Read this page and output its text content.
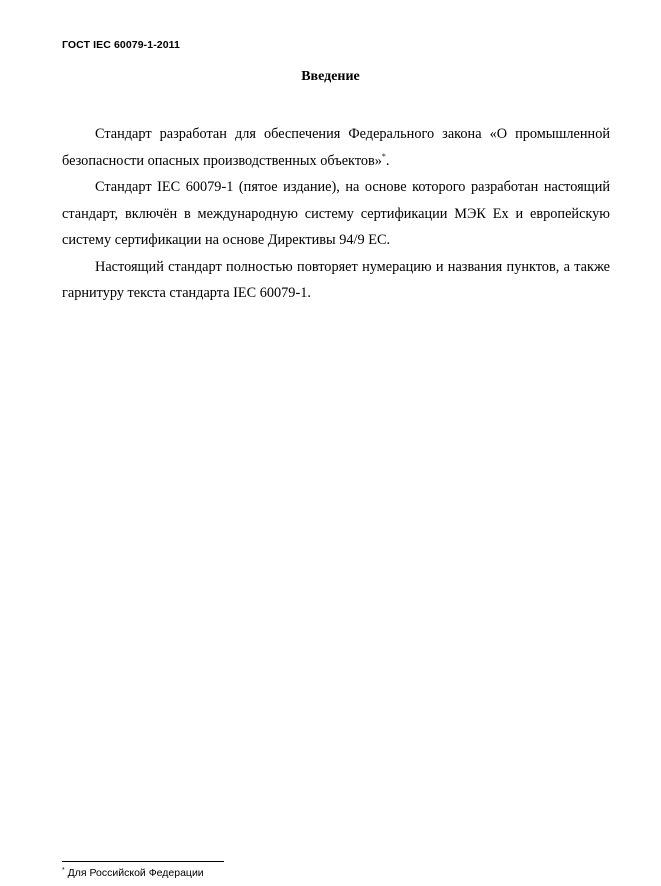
ГОСТ IEC 60079-1-2011
Введение

Стандарт разработан для обеспечения Федерального закона «О промышленной безопасности опасных производственных объектов»*.

Стандарт IEC 60079-1 (пятое издание), на основе которого разработан настоящий стандарт, включён в международную систему сертификации МЭК Ex и европейскую систему сертификации на основе Директивы 94/9 ЕС.

Настоящий стандарт полностью повторяет нумерацию и названия пунктов, а также гарнитуру текста стандарта IEC 60079-1.

* Для Российской Федерации
